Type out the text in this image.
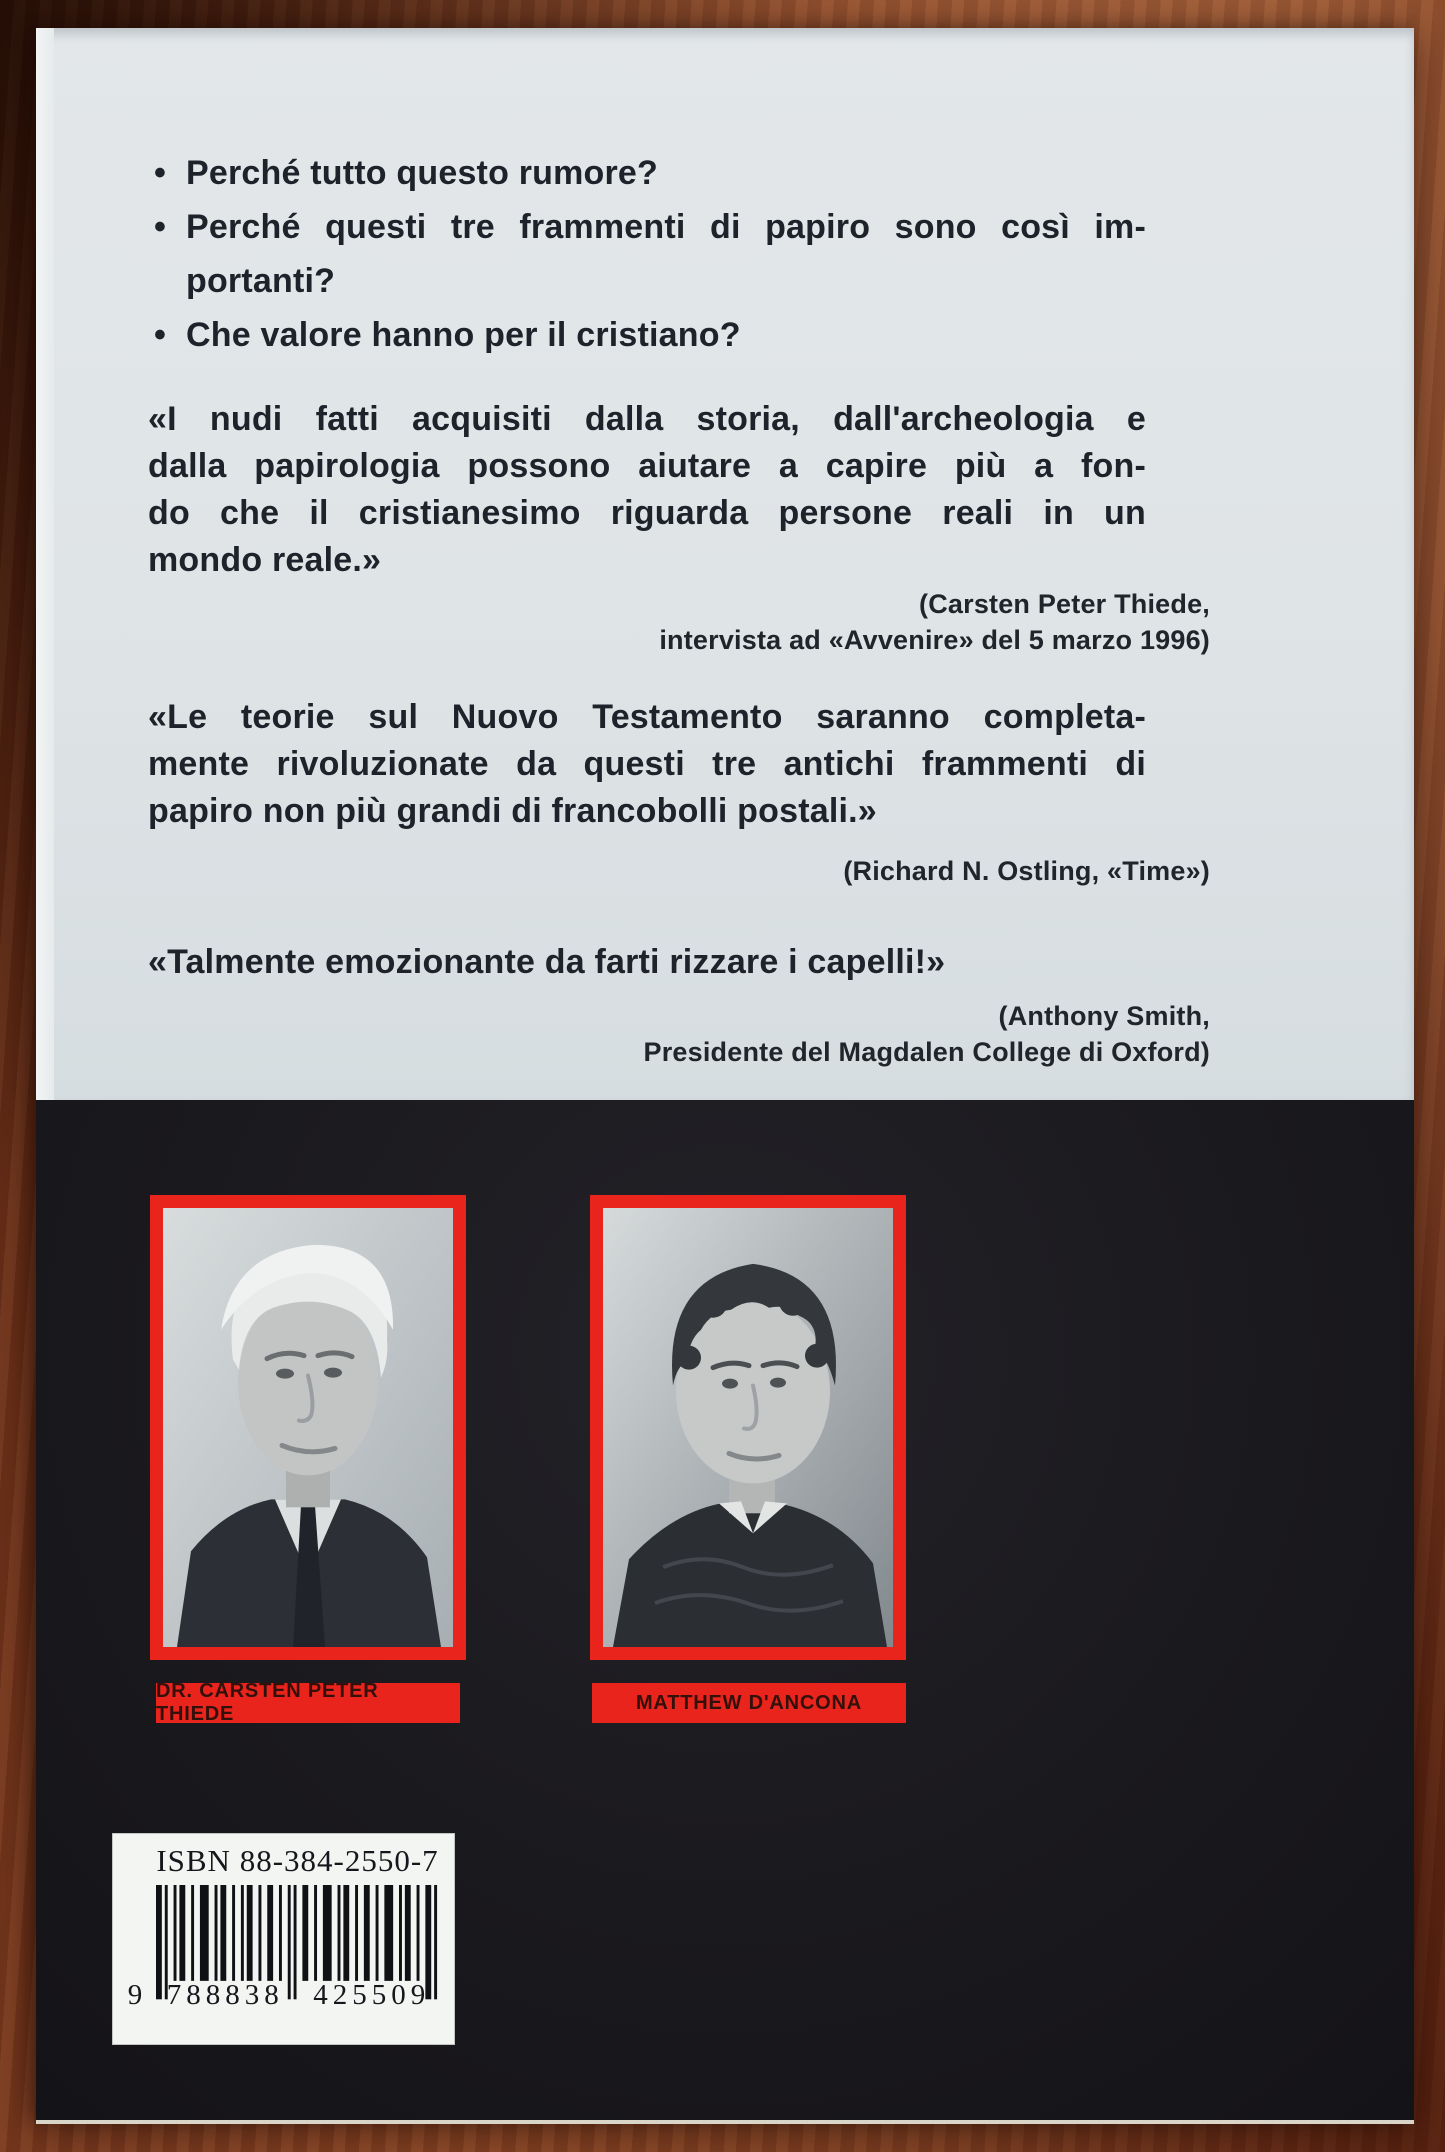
• Perché tutto questo rumore?
• Perché questi tre frammenti di papiro sono così im-
portanti?
• Che valore hanno per il cristiano?

«I nudi fatti acquisiti dalla storia, dall'archeologia e
dalla papirologia possono aiutare a capire più a fon-
do che il cristianesimo riguarda persone reali in un
mondo reale.»

(Carsten Peter Thiede,
intervista ad «Avvenire» del 5 marzo 1996)

«Le teorie sul Nuovo Testamento saranno completa-
mente rivoluzionate da questi tre antichi frammenti di
papiro non più grandi di francobolli postali.»

(Richard N. Ostling, «Time»)

«Talmente emozionante da farti rizzare i capelli!»

(Anthony Smith,
Presidente del Magdalen College di Oxford)
DR. CARSTEN PETER THIEDE
MATTHEW D'ANCONA
ISBN 88-384-2550-7
9 788838	425509
